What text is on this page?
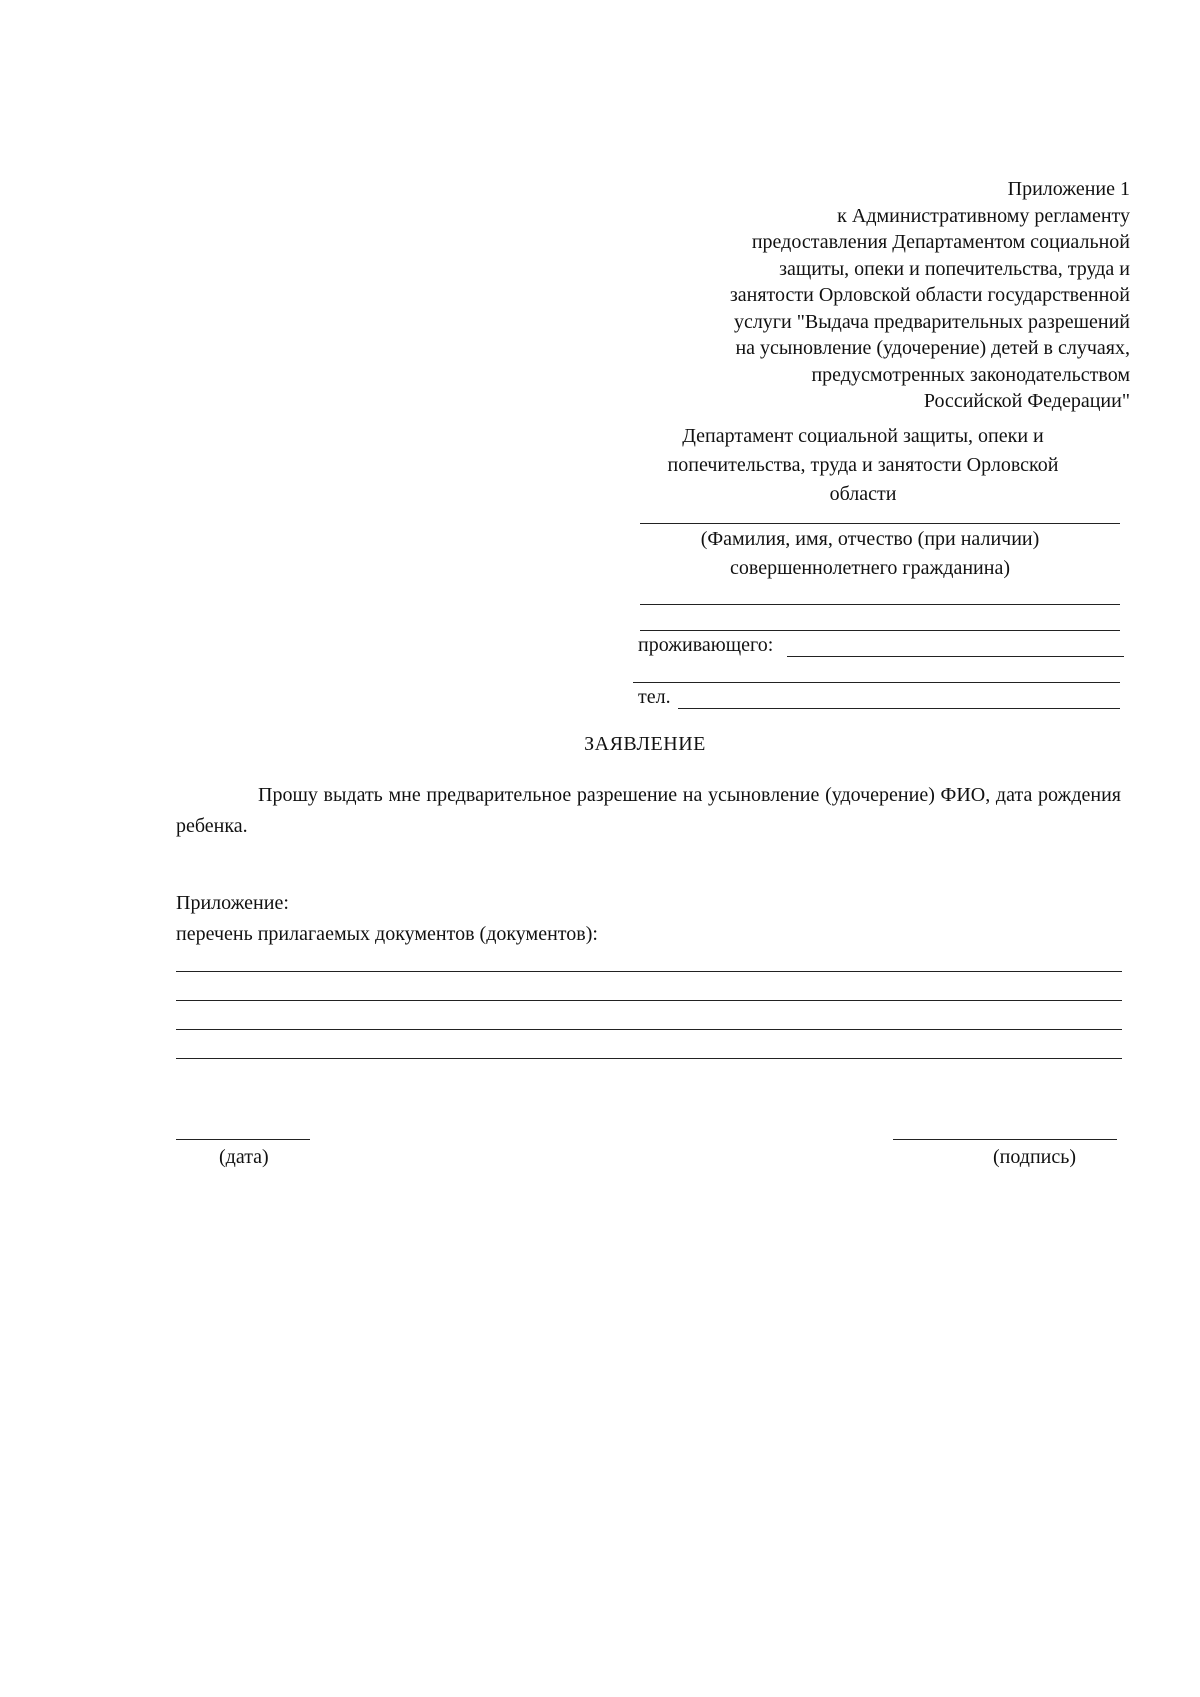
Приложение 1
к Административному регламенту
предоставления Департаментом социальной
защиты, опеки и попечительства, труда и
занятости Орловской области государственной
услуги "Выдача предварительных разрешений
на усыновление (удочерение) детей в случаях,
предусмотренных законодательством
Российской Федерации"
Департамент социальной защиты, опеки и
попечительства, труда и занятости Орловской
области
(Фамилия, имя, отчество (при наличии)
совершеннолетнего гражданина)
проживающего:
тел.
ЗАЯВЛЕНИЕ
Прошу выдать мне предварительное разрешение на усыновление (удочерение) ФИО, дата рождения ребенка.
Приложение:
перечень прилагаемых документов (документов):
(дата)	(подпись)
